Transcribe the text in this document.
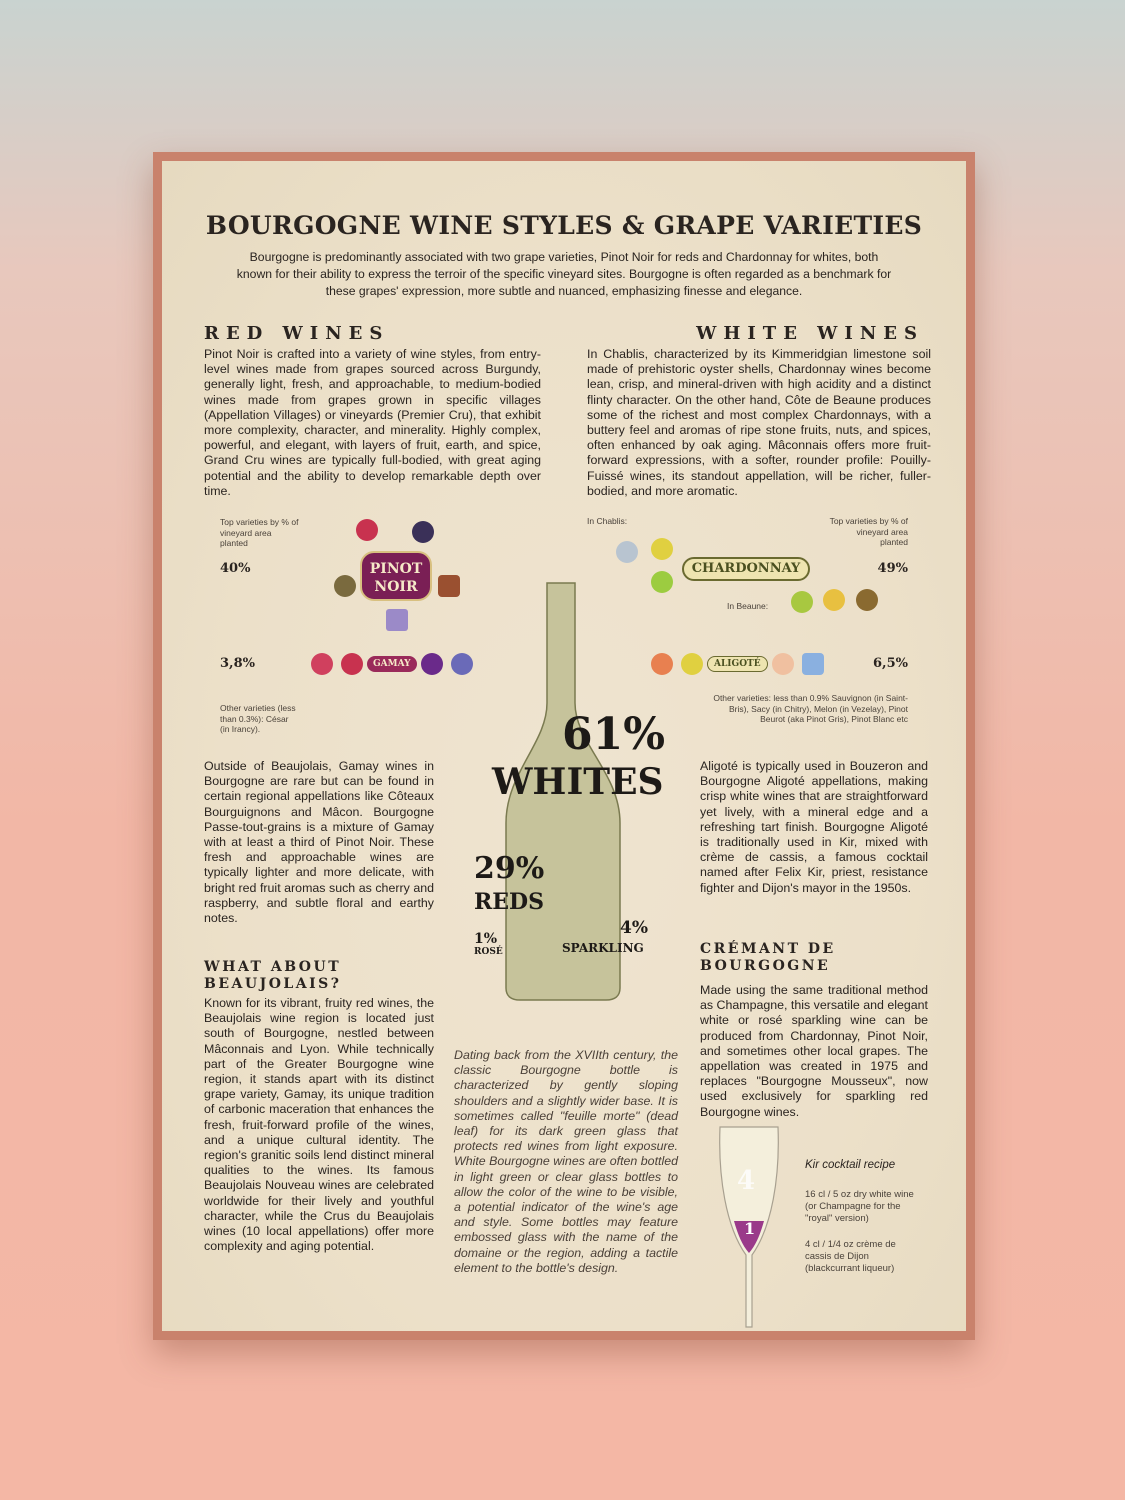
BOURGOGNE WINE STYLES & GRAPE VARIETIES
Bourgogne is predominantly associated with two grape varieties, Pinot Noir for reds and Chardonnay for whites, both known for their ability to express the terroir of the specific vineyard sites. Bourgogne is often regarded as a benchmark for these grapes' expression, more subtle and nuanced, emphasizing finesse and elegance.
RED WINES
Pinot Noir is crafted into a variety of wine styles, from entry-level wines made from grapes sourced across Burgundy, generally light, fresh, and approachable, to medium-bodied wines made from grapes grown in specific villages (Appellation Villages) or vineyards (Premier Cru), that exhibit more complexity, character, and minerality. Highly complex, powerful, and elegant, with layers of fruit, earth, and spice, Grand Cru wines are typically full-bodied, with great aging potential and the ability to develop remarkable depth over time.
WHITE WINES
In Chablis, characterized by its Kimmeridgian limestone soil made of prehistoric oyster shells, Chardonnay wines become lean, crisp, and mineral-driven with high acidity and a distinct flinty character. On the other hand, Côte de Beaune produces some of the richest and most complex Chardonnays, with a buttery feel and aromas of ripe stone fruits, nuts, and spices, often enhanced by oak aging. Mâconnais offers more fruit-forward expressions, with a softer, rounder profile: Pouilly-Fuissé wines, its standout appellation, will be richer, fuller-bodied, and more aromatic.
Top varieties by % of vineyard area planted
40%	PINOT NOIR
3,8%	GAMAY
Other varieties (less than 0.3%): César (in Irancy).
Outside of Beaujolais, Gamay wines in Bourgogne are rare but can be found in certain regional appellations like Côteaux Bourguignons and Mâcon. Bourgogne Passe-tout-grains is a mixture of Gamay with at least a third of Pinot Noir. These fresh and approachable wines are typically lighter and more delicate, with bright red fruit aromas such as cherry and raspberry, and subtle floral and earthy notes.
In Chablis:	Top varieties by % of vineyard area planted
CHARDONNAY	49%
In Beaune:
ALIGOTÉ	6,5%
Other varieties: less than 0.9% Sauvignon (in Saint-Bris), Sacy (in Chitry), Melon (in Vezelay), Pinot Beurot (aka Pinot Gris), Pinot Blanc etc
Aligoté is typically used in Bouzeron and Bourgogne Aligoté appellations, making crisp white wines that are straightforward yet lively, with a mineral edge and a refreshing tart finish. Bourgogne Aligoté is traditionally used in Kir, mixed with crème de cassis, a famous cocktail named after Felix Kir, priest, resistance fighter and Dijon's mayor in the 1950s.
61%
WHITES
29%
REDS
1%
ROSÉ
4%
SPARKLING
Dating back from the XVIIth century, the classic Bourgogne bottle is characterized by gently sloping shoulders and a slightly wider base. It is sometimes called "feuille morte" (dead leaf) for its dark green glass that protects red wines from light exposure. White Bourgogne wines are often bottled in light green or clear glass bottles to allow the color of the wine to be visible, a potential indicator of the wine's age and style. Some bottles may feature embossed glass with the name of the domaine or the region, adding a tactile element to the bottle's design.
WHAT ABOUT BEAUJOLAIS?
Known for its vibrant, fruity red wines, the Beaujolais wine region is located just south of Bourgogne, nestled between Mâconnais and Lyon. While technically part of the Greater Bourgogne wine region, it stands apart with its distinct grape variety, Gamay, its unique tradition of carbonic maceration that enhances the fresh, fruit-forward profile of the wines, and a unique cultural identity. The region's granitic soils lend distinct mineral qualities to the wines. Its famous Beaujolais Nouveau wines are celebrated worldwide for their lively and youthful character, while the Crus du Beaujolais wines (10 local appellations) offer more complexity and aging potential.
CRÉMANT DE BOURGOGNE
Made using the same traditional method as Champagne, this versatile and elegant white or rosé sparkling wine can be produced from Chardonnay, Pinot Noir, and sometimes other local grapes. The appellation was created in 1975 and replaces "Bourgogne Mousseux", now used exclusively for sparkling red Bourgogne wines.
4
1
Kir cocktail recipe
16 cl / 5 oz dry white wine (or Champagne for the "royal" version)
4 cl / 1/4 oz crème de cassis de Dijon (blackcurrant liqueur)
